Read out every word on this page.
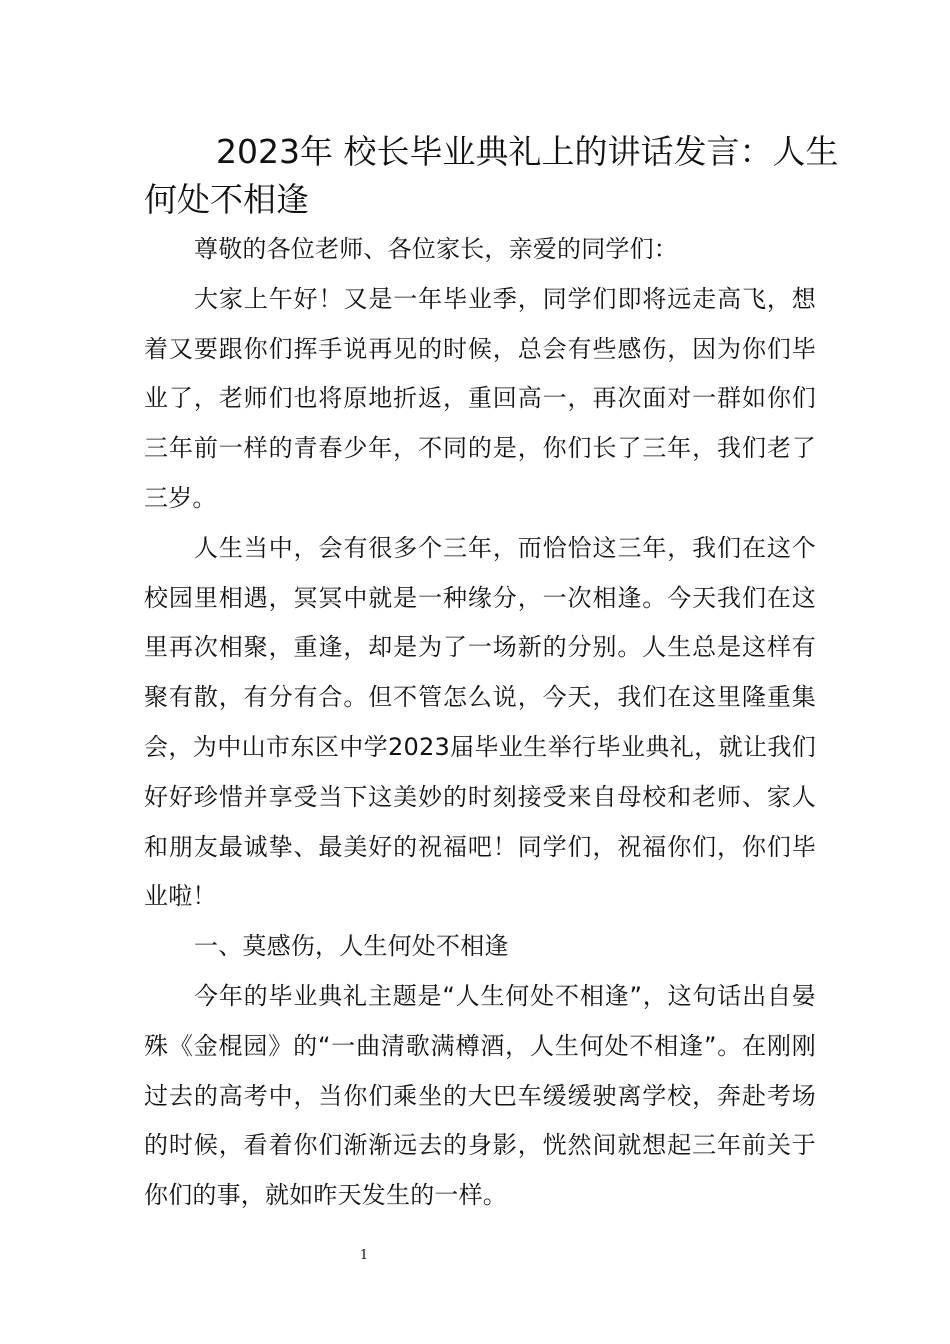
2023年 校长毕业典礼上的讲话发言：人生何处不相逢

尊敬的各位老师、各位家长，亲爱的同学们：

大家上午好！又是一年毕业季，同学们即将远走高飞，想着又要跟你们挥手说再见的时候，总会有些感伤，因为你们毕业了，老师们也将原地折返，重回高一，再次面对一群如你们三年前一样的青春少年，不同的是，你们长了三年，我们老了三岁。

人生当中，会有很多个三年，而恰恰这三年，我们在这个校园里相遇，冥冥中就是一种缘分，一次相逢。今天我们在这里再次相聚，重逢，却是为了一场新的分别。人生总是这样有聚有散，有分有合。但不管怎么说，今天，我们在这里隆重集会，为中山市东区中学2023届毕业生举行毕业典礼，就让我们好好珍惜并享受当下这美妙的时刻接受来自母校和老师、家人和朋友最诚挚、最美好的祝福吧！同学们，祝福你们，你们毕业啦！

一、莫感伤，人生何处不相逢

今年的毕业典礼主题是“人生何处不相逢”，这句话出自晏殊《金棍园》的“一曲清歌满樽酒，人生何处不相逢”。在刚刚过去的高考中，当你们乘坐的大巴车缓缓驶离学校，奔赴考场的时候，看着你们渐渐远去的身影，恍然间就想起三年前关于你们的事，就如昨天发生的一样。

1
